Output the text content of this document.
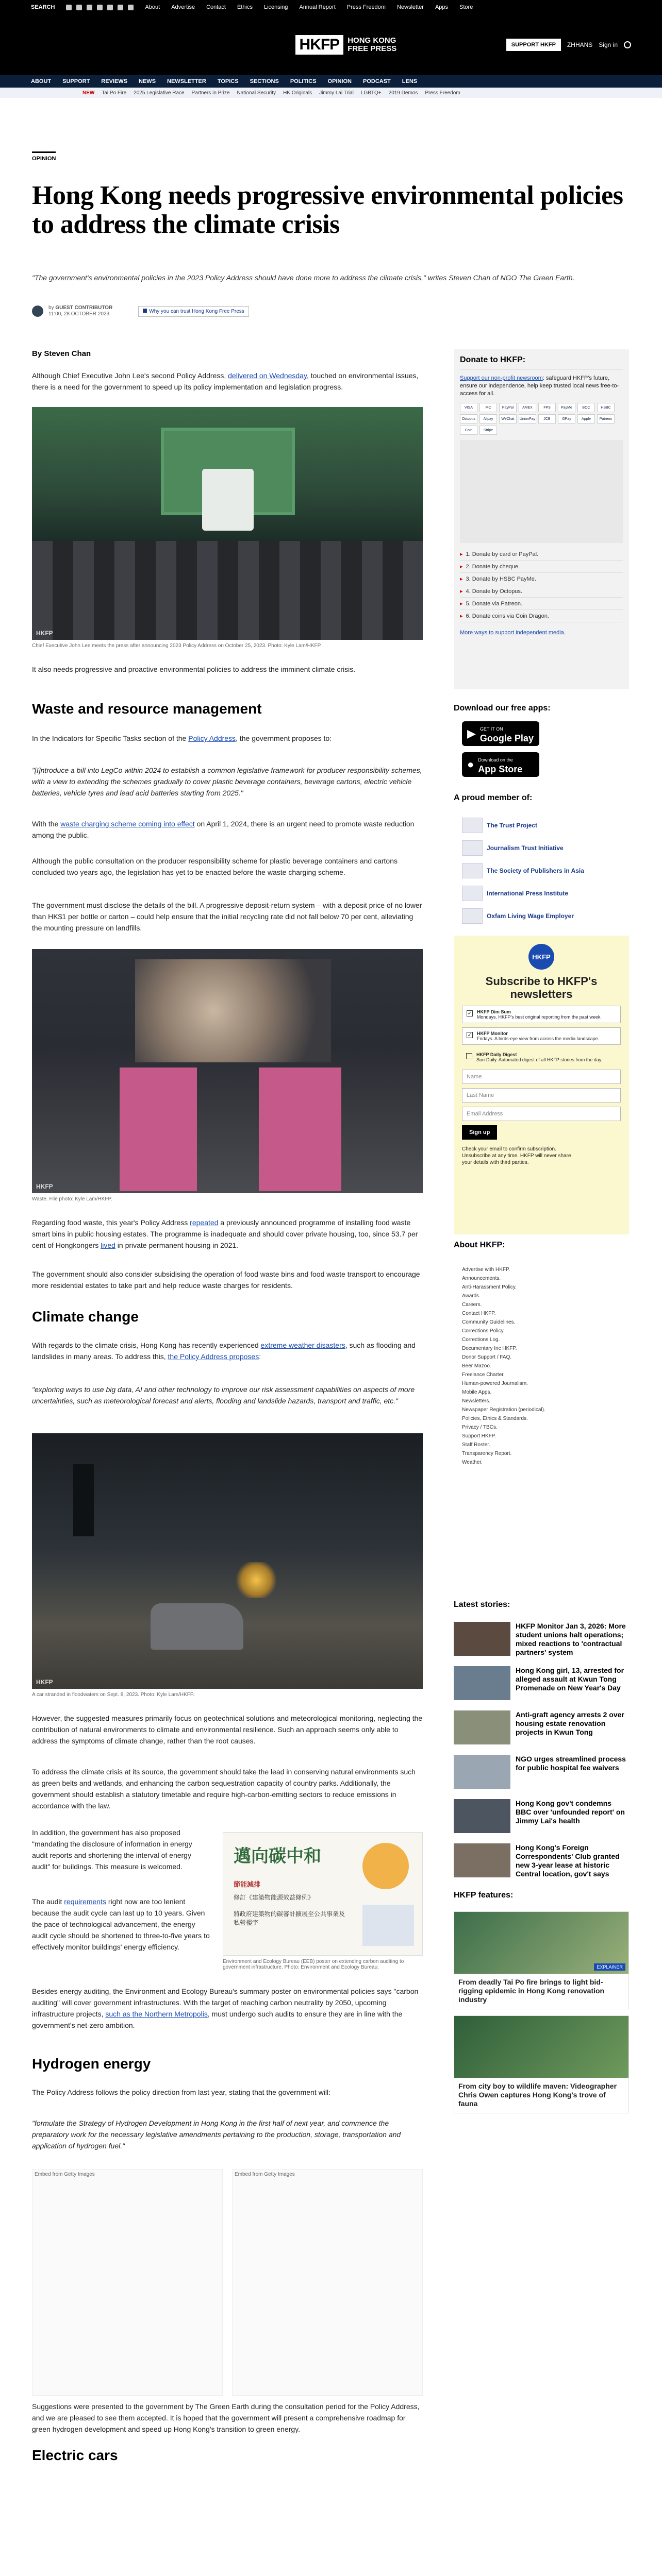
SEARCH	About Advertise Contact Ethics Licensing Annual Report Press Freedom Newsletter Apps Store
HKFP	HONG KONG
FREE PRESS	SUPPORT HKFP	ZHHANS Sign in
ABOUT SUPPORT REVIEWS NEWS NEWSLETTER TOPICS SECTIONS POLITICS OPINION PODCAST LENS
NEW Tai Po Fire 2025 Legislative Race Partners in Prize National Security HK Originals Jimmy Lai Trial LGBTQ+ 2019 Demos Press Freedom
OPINION
Hong Kong needs progressive environmental policies to address the climate crisis

"The government's environmental policies in the 2023 Policy Address should have done more to address the climate crisis," writes Steven Chan of NGO The Green Earth.

by GUEST CONTRIBUTOR
11:00, 28 OCTOBER 2023	Why you can trust Hong Kong Free Press
By Steven Chan

Although Chief Executive John Lee's second Policy Address, delivered on Wednesday, touched on environmental issues, there is a need for the government to speed up its policy implementation and legislation progress.

HKFP
Chief Executive John Lee meets the press after announcing 2023 Policy Address on October 25, 2023. Photo: Kyle Lam/HKFP.

It also needs progressive and proactive environmental policies to address the imminent climate crisis.

Waste and resource management

In the Indicators for Specific Tasks section of the Policy Address, the government proposes to:

"[I]ntroduce a bill into LegCo within 2024 to establish a common legislative framework for producer responsibility schemes, with a view to extending the schemes gradually to cover plastic beverage containers, beverage cartons, electric vehicle batteries, vehicle tyres and lead acid batteries starting from 2025."

With the waste charging scheme coming into effect on April 1, 2024, there is an urgent need to promote waste reduction among the public.

Although the public consultation on the producer responsibility scheme for plastic beverage containers and cartons concluded two years ago, the legislation has yet to be enacted before the waste charging scheme.

The government must disclose the details of the bill. A progressive deposit-return system – with a deposit price of no lower than HK$1 per bottle or carton – could help ensure that the initial recycling rate did not fall below 70 per cent, alleviating the mounting pressure on landfills.

HKFP
Waste. File photo: Kyle Lam/HKFP.

Regarding food waste, this year's Policy Address repeated a previously announced programme of installing food waste smart bins in public housing estates. The programme is inadequate and should cover private housing, too, since 53.7 per cent of Hongkongers lived in private permanent housing in 2021.

The government should also consider subsidising the operation of food waste bins and food waste transport to encourage more residential estates to take part and help reduce waste charges for residents.

Climate change

With regards to the climate crisis, Hong Kong has recently experienced extreme weather disasters, such as flooding and landslides in many areas. To address this, the Policy Address proposes:

"exploring ways to use big data, AI and other technology to improve our risk assessment capabilities on aspects of more uncertainties, such as meteorological forecast and alerts, flooding and landslide hazards, transport and traffic, etc."

HKFP
A car stranded in floodwaters on Sept. 8, 2023. Photo: Kyle Lam/HKFP.

However, the suggested measures primarily focus on geotechnical solutions and meteorological monitoring, neglecting the contribution of natural environments to climate and environmental resilience. Such an approach seems only able to address the symptoms of climate change, rather than the root causes.

To address the climate crisis at its source, the government should take the lead in conserving natural environments such as green belts and wetlands, and enhancing the carbon sequestration capacity of country parks. Additionally, the government should establish a statutory timetable and require high-carbon-emitting sectors to reduce emissions in accordance with the law.

In addition, the government has also proposed "mandating the disclosure of information in energy audit reports and shortening the interval of energy audit" for buildings. This measure is welcomed.

The audit requirements right now are too lenient because the audit cycle can last up to 10 years. Given the pace of technological advancement, the energy audit cycle should be shortened to three-to-five years to effectively monitor buildings' energy efficiency.

邁向碳中和
節能減排
修訂《建築物能源效益條例》
將政府建築物的碳審計擴展至公共事業及私營樓宇
Environment and Ecology Bureau (EEB) poster on extending carbon auditing to government infrastructure. Photo: Environment and Ecology Bureau.

Besides energy auditing, the Environment and Ecology Bureau's summary poster on environmental policies says "carbon auditing" will cover government infrastructures. With the target of reaching carbon neutrality by 2050, upcoming infrastructure projects, such as the Northern Metropolis, must undergo such audits to ensure they are in line with the government's net-zero ambition.

Hydrogen energy

The Policy Address follows the policy direction from last year, stating that the government will:

"formulate the Strategy of Hydrogen Development in Hong Kong in the first half of next year, and commence the preparatory work for the necessary legislative amendments pertaining to the production, storage, transportation and application of hydrogen fuel."

Embed from Getty Images	Embed from Getty Images

Suggestions were presented to the government by The Green Earth during the consultation period for the Policy Address, and we are pleased to see them accepted. It is hoped that the government will present a comprehensive roadmap for green hydrogen development and speed up Hong Kong's transition to green energy.

Electric cars
Donate to HKFP:

Support our non-profit newsroom: safeguard HKFP's future, ensure our independence, help keep trusted local news free-to-access for all.

VISA	MC	PayPal	AMEX	FPS	PayMe	BOC	HSBC
Octopus	Alipay	WeChat	UnionPay	JCB	GPay	Apple	Patreon
Coin	Stripe
▸ 1. Donate by card or PayPal.
▸ 2. Donate by cheque.
▸ 3. Donate by HSBC PayMe.
▸ 4. Donate by Octopus.
▸ 5. Donate via Patreon.
▸ 6. Donate coins via Coin Dragon.
More ways to support independent media.
Download our free apps:
▶ GET IT ON
Google Play
● Download on the
App Store
A proud member of:
The Trust Project
Journalism Trust Initiative
The Society of Publishers in Asia
International Press Institute
Oxfam Living Wage Employer
HKFP
Subscribe to HKFP's newsletters
✓ HKFP Dim Sum
Mondays. HKFP's best original reporting from the past week.
✓ HKFP Monitor
Fridays. A birds-eye view from across the media landscape.
HKFP Daily Digest
Sun-Daily. Automated digest of all HKFP stories from the day.
Name
Last Name
Email Address
Sign up

Check your email to confirm subscription. Unsubscribe at any time. HKFP will never share your details with third parties.

About HKFP:
Advertise with HKFP.
Announcements.
Anti-Harassment Policy.
Awards.
Careers.
Contact HKFP.
Community Guidelines.
Corrections Policy.
Corrections Log.
Documentary Inc HKFP.
Donor Support / FAQ.
Beer Mazoo.
Freelance Charter.
Human-powered Journalism.
Mobile Apps.
Newsletters.
Newspaper Registration (periodical).
Policies, Ethics & Standards.
Privacy / TBCs.
Support HKFP.
Staff Roster.
Transparency Report.
Weather.
Latest stories:
HKFP Monitor Jan 3, 2026: More student unions halt operations; mixed reactions to 'contractual partners' system
Hong Kong girl, 13, arrested for alleged assault at Kwun Tong Promenade on New Year's Day
Anti-graft agency arrests 2 over housing estate renovation projects in Kwun Tong
NGO urges streamlined process for public hospital fee waivers
Hong Kong gov't condemns BBC over 'unfounded report' on Jimmy Lai's health
Hong Kong's Foreign Correspondents' Club granted new 3-year lease at historic Central location, gov't says
HKFP features:
EXPLAINER
From deadly Tai Po fire brings to light bid-rigging epidemic in Hong Kong renovation industry
From city boy to wildlife maven: Videographer Chris Owen captures Hong Kong's trove of fauna
